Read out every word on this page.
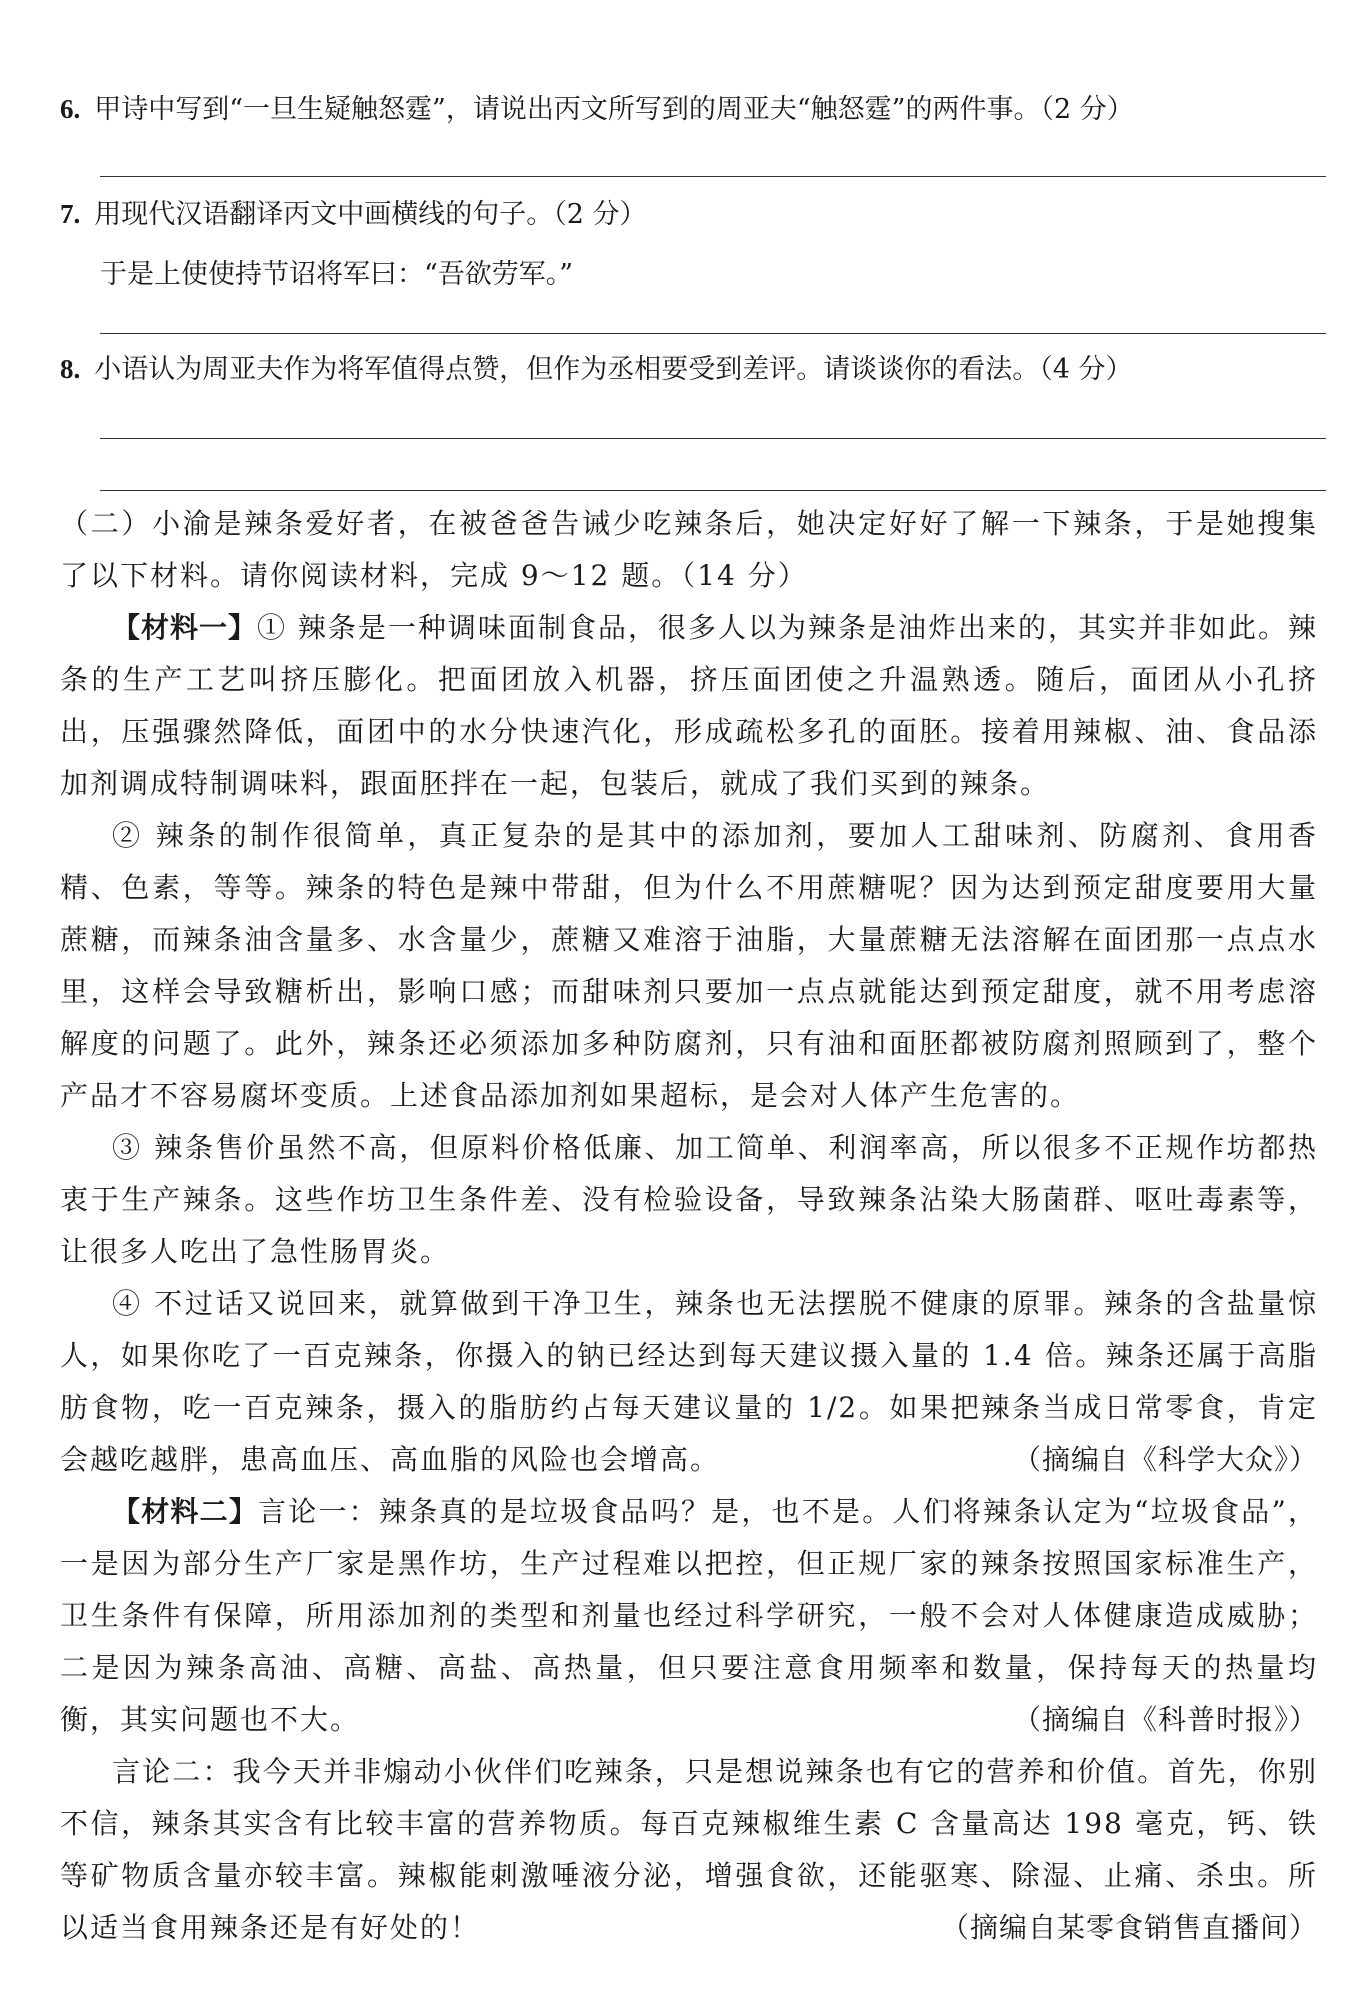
6. 甲诗中写到“一旦生疑触怒霆”，请说出丙文所写到的周亚夫“触怒霆”的两件事。（2 分）
7. 用现代汉语翻译丙文中画横线的句子。（2 分）
于是上使使持节诏将军曰：“吾欲劳军。”
8. 小语认为周亚夫作为将军值得点赞，但作为丞相要受到差评。请谈谈你的看法。（4 分）

（二）小渝是辣条爱好者，在被爸爸告诫少吃辣条后，她决定好好了解一下辣条，于是她搜集了以下材料。请你阅读材料，完成 9～12 题。（14 分）

【材料一】① 辣条是一种调味面制食品，很多人以为辣条是油炸出来的，其实并非如此。辣条的生产工艺叫挤压膨化。把面团放入机器，挤压面团使之升温熟透。随后，面团从小孔挤出，压强骤然降低，面团中的水分快速汽化，形成疏松多孔的面胚。接着用辣椒、油、食品添加剂调成特制调味料，跟面胚拌在一起，包装后，就成了我们买到的辣条。

② 辣条的制作很简单，真正复杂的是其中的添加剂，要加人工甜味剂、防腐剂、食用香精、色素，等等。辣条的特色是辣中带甜，但为什么不用蔗糖呢？因为达到预定甜度要用大量蔗糖，而辣条油含量多、水含量少，蔗糖又难溶于油脂，大量蔗糖无法溶解在面团那一点点水里，这样会导致糖析出，影响口感；而甜味剂只要加一点点就能达到预定甜度，就不用考虑溶解度的问题了。此外，辣条还必须添加多种防腐剂，只有油和面胚都被防腐剂照顾到了，整个产品才不容易腐坏变质。上述食品添加剂如果超标，是会对人体产生危害的。

③ 辣条售价虽然不高，但原料价格低廉、加工简单、利润率高，所以很多不正规作坊都热衷于生产辣条。这些作坊卫生条件差、没有检验设备，导致辣条沾染大肠菌群、呕吐毒素等，让很多人吃出了急性肠胃炎。

④ 不过话又说回来，就算做到干净卫生，辣条也无法摆脱不健康的原罪。辣条的含盐量惊人，如果你吃了一百克辣条，你摄入的钠已经达到每天建议摄入量的 1.4 倍。辣条还属于高脂肪食物，吃一百克辣条，摄入的脂肪约占每天建议量的 1/2。如果把辣条当成日常零食，肯定会越吃越胖，患高血压、高血脂的风险也会增高。	（摘编自《科学大众》）

【材料二】言论一：辣条真的是垃圾食品吗？是，也不是。人们将辣条认定为“垃圾食品”，一是因为部分生产厂家是黑作坊，生产过程难以把控，但正规厂家的辣条按照国家标准生产，卫生条件有保障，所用添加剂的类型和剂量也经过科学研究，一般不会对人体健康造成威胁；二是因为辣条高油、高糖、高盐、高热量，但只要注意食用频率和数量，保持每天的热量均衡，其实问题也不大。	（摘编自《科普时报》）

言论二：我今天并非煽动小伙伴们吃辣条，只是想说辣条也有它的营养和价值。首先，你别不信，辣条其实含有比较丰富的营养物质。每百克辣椒维生素 C 含量高达 198 毫克，钙、铁等矿物质含量亦较丰富。辣椒能刺激唾液分泌，增强食欲，还能驱寒、除湿、止痛、杀虫。所以适当食用辣条还是有好处的！	（摘编自某零食销售直播间）
